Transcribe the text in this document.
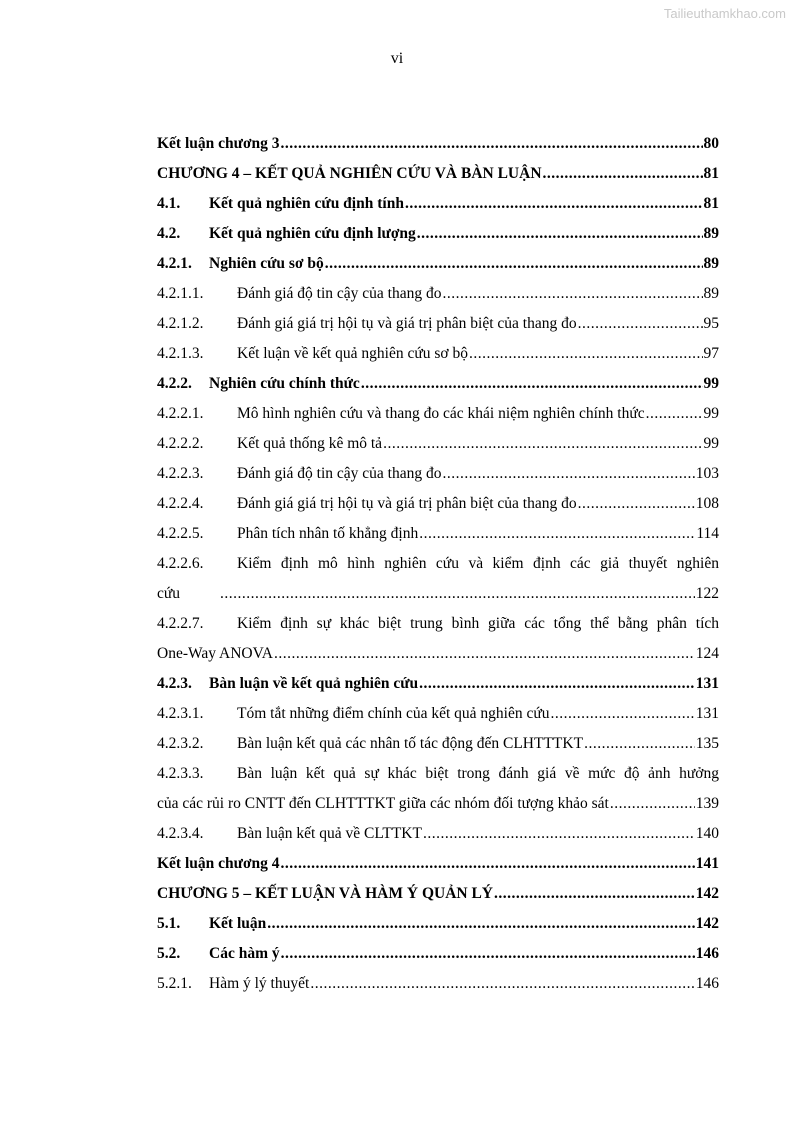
Tailieuthamkhao.com
vi
Kết luận chương 3 .....	80
CHƯƠNG 4 – KẾT QUẢ NGHIÊN CỨU VÀ BÀN LUẬN .....	81
4.1.	Kết quả nghiên cứu định tính .....	81
4.2.	Kết quả nghiên cứu định lượng .....	89
4.2.1.	Nghiên cứu sơ bộ .....	89
4.2.1.1.	Đánh giá độ tin cậy của thang đo .....	89
4.2.1.2.	Đánh giá giá trị hội tụ và giá trị phân biệt của thang đo .....	95
4.2.1.3.	Kết luận về kết quả nghiên cứu sơ bộ .....	97
4.2.2.	Nghiên cứu chính thức .....	99
4.2.2.1.	Mô hình nghiên cứu và thang đo các khái niệm nghiên chính thức .....	99
4.2.2.2.	Kết quả thống kê mô tả .....	99
4.2.2.3.	Đánh giá độ tin cậy của thang đo .....	103
4.2.2.4.	Đánh giá giá trị hội tụ và giá trị phân biệt của thang đo .....	108
4.2.2.5.	Phân tích nhân tố khẳng định .....	114
4.2.2.6.	Kiểm định mô hình nghiên cứu và kiểm định các giả thuyết nghiên
cứu .....	122
4.2.2.7.	Kiểm định sự khác biệt trung bình giữa các tổng thể bằng phân tích
One-Way ANOVA .....	124
4.2.3.	Bàn luận về kết quả nghiên cứu .....	131
4.2.3.1.	Tóm tắt những điểm chính của kết quả nghiên cứu .....	131
4.2.3.2.	Bàn luận kết quả các nhân tố tác động đến CLHTTTKT .....	135
4.2.3.3.	Bàn luận kết quả sự khác biệt trong đánh giá về mức độ ảnh hưởng
của các rủi ro CNTT đến CLHTTTKT giữa các nhóm đối tượng khảo sát .....	139
4.2.3.4.	Bàn luận kết quả về CLTTKT .....	140
Kết luận chương 4 .....	141
CHƯƠNG 5 – KẾT LUẬN VÀ HÀM Ý QUẢN LÝ .....	142
5.1.	Kết luận .....	142
5.2.	Các hàm ý .....	146
5.2.1.	Hàm ý lý thuyết .....	146
